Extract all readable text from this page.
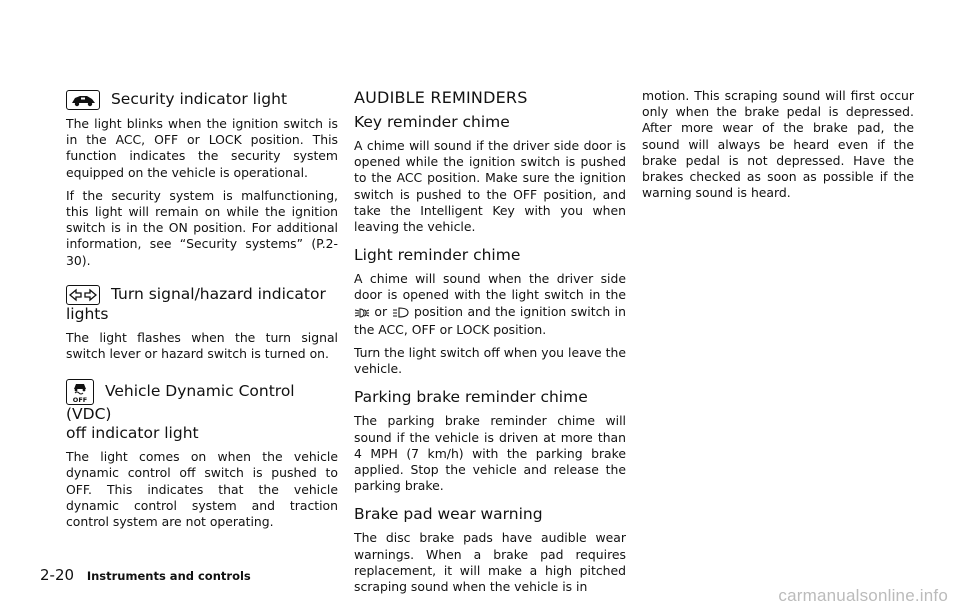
Security indicator light

The light blinks when the ignition switch is in the ACC, OFF or LOCK position. This function indicates the security system equipped on the vehicle is operational.

If the security system is malfunctioning, this light will remain on while the ignition switch is in the ON position. For additional information, see “Security systems” (P.2-30).

Turn signal/hazard indicator
lights

The light flashes when the turn signal switch lever or hazard switch is turned on.

OFF Vehicle Dynamic Control (VDC)
off indicator light

The light comes on when the vehicle dynamic control off switch is pushed to OFF. This indicates that the vehicle dynamic control system and traction control system are not operating.

AUDIBLE REMINDERS
Key reminder chime

A chime will sound if the driver side door is opened while the ignition switch is pushed to the ACC position. Make sure the ignition switch is pushed to the OFF position, and take the Intelligent Key with you when leaving the vehicle.

Light reminder chime

A chime will sound when the driver side door is opened with the light switch in the  or position and the ignition switch in the ACC, OFF or LOCK position.

Turn the light switch off when you leave the vehicle.

Parking brake reminder chime

The parking brake reminder chime will sound if the vehicle is driven at more than 4 MPH (7 km/h) with the parking brake applied. Stop the vehicle and release the parking brake.

Brake pad wear warning

The disc brake pads have audible wear warnings. When a brake pad requires replacement, it will make a high pitched scraping sound when the vehicle is in

motion. This scraping sound will first occur only when the brake pedal is depressed. After more wear of the brake pad, the sound will always be heard even if the brake pedal is not depressed. Have the brakes checked as soon as possible if the warning sound is heard.

2-20 Instruments and controls
carmanualsonline.info
